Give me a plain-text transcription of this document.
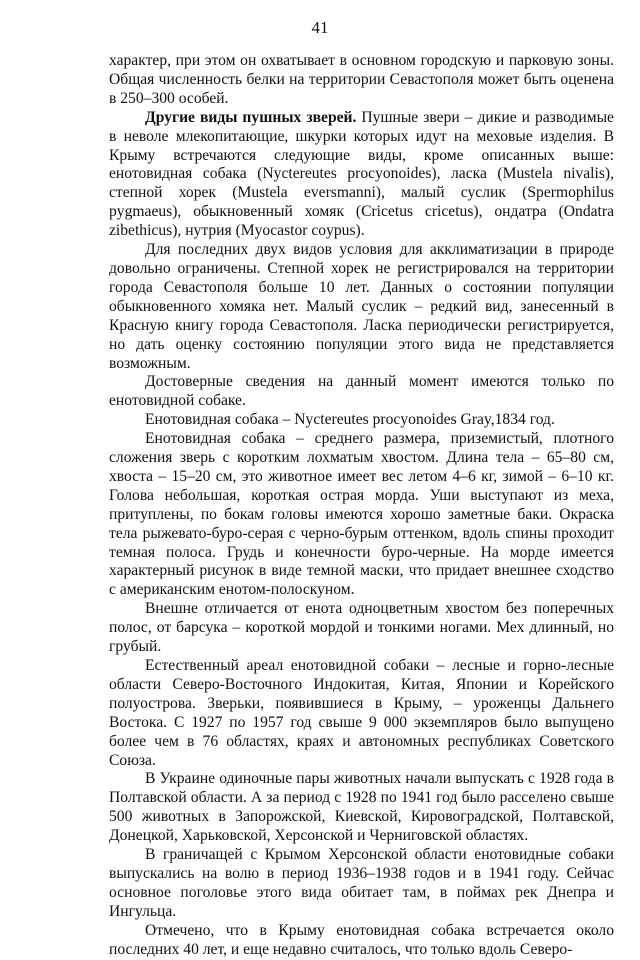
41

характер, при этом он охватывает в основном городскую и парковую зоны. Общая численность белки на территории Севастополя может быть оценена в 250–300 особей.

Другие виды пушных зверей. Пушные звери – дикие и разводимые в неволе млекопитающие, шкурки которых идут на меховые изделия. В Крыму встречаются следующие виды, кроме описанных выше: енотовидная собака (Nyctereutes procyonoides), ласка (Mustela nivalis), степной хорек (Mustela eversmanni), малый суслик (Spermophilus pygmaeus), обыкновенный хомяк (Cricetus cricetus), ондатра (Ondatra zibethicus), нутрия (Myocastor coypus).

Для последних двух видов условия для акклиматизации в природе довольно ограничены. Степной хорек не регистрировался на территории города Севастополя больше 10 лет. Данных о состоянии популяции обыкновенного хомяка нет. Малый суслик – редкий вид, занесенный в Красную книгу города Севастополя. Ласка периодически регистрируется, но дать оценку состоянию популяции этого вида не представляется возможным.

Достоверные сведения на данный момент имеются только по енотовидной собаке.

Енотовидная собака – Nyctereutes procyonoides Gray,1834 год.

Енотовидная собака – среднего размера, приземистый, плотного сложения зверь с коротким лохматым хвостом. Длина тела – 65–80 см, хвоста – 15–20 см, это животное имеет вес летом 4–6 кг, зимой – 6–10 кг. Голова небольшая, короткая острая морда. Уши выступают из меха, притуплены, по бокам головы имеются хорошо заметные баки. Окраска тела рыжевато-буро-серая с черно-бурым оттенком, вдоль спины проходит темная полоса. Грудь и конечности буро-черные. На морде имеется характерный рисунок в виде темной маски, что придает внешнее сходство с американским енотом-полоскуном.

Внешне отличается от енота одноцветным хвостом без поперечных полос, от барсука – короткой мордой и тонкими ногами. Мех длинный, но грубый.

Естественный ареал енотовидной собаки – лесные и горно-лесные области Северо-Восточного Индокитая, Китая, Японии и Корейского полуострова. Зверьки, появившиеся в Крыму, – уроженцы Дальнего Востока. С 1927 по 1957 год свыше 9 000 экземпляров было выпущено более чем в 76 областях, краях и автономных республиках Советского Союза.

В Украине одиночные пары животных начали выпускать с 1928 года в Полтавской области. А за период с 1928 по 1941 год было расселено свыше 500 животных в Запорожской, Киевской, Кировоградской, Полтавской, Донецкой, Харьковской, Херсонской и Черниговской областях.

В граничащей с Крымом Херсонской области енотовидные собаки выпускались на волю в период 1936–1938 годов и в 1941 году. Сейчас основное поголовье этого вида обитает там, в поймах рек Днепра и Ингульца.

Отмечено, что в Крыму енотовидная собака встречается около последних 40 лет, и еще недавно считалось, что только вдоль Северо-
